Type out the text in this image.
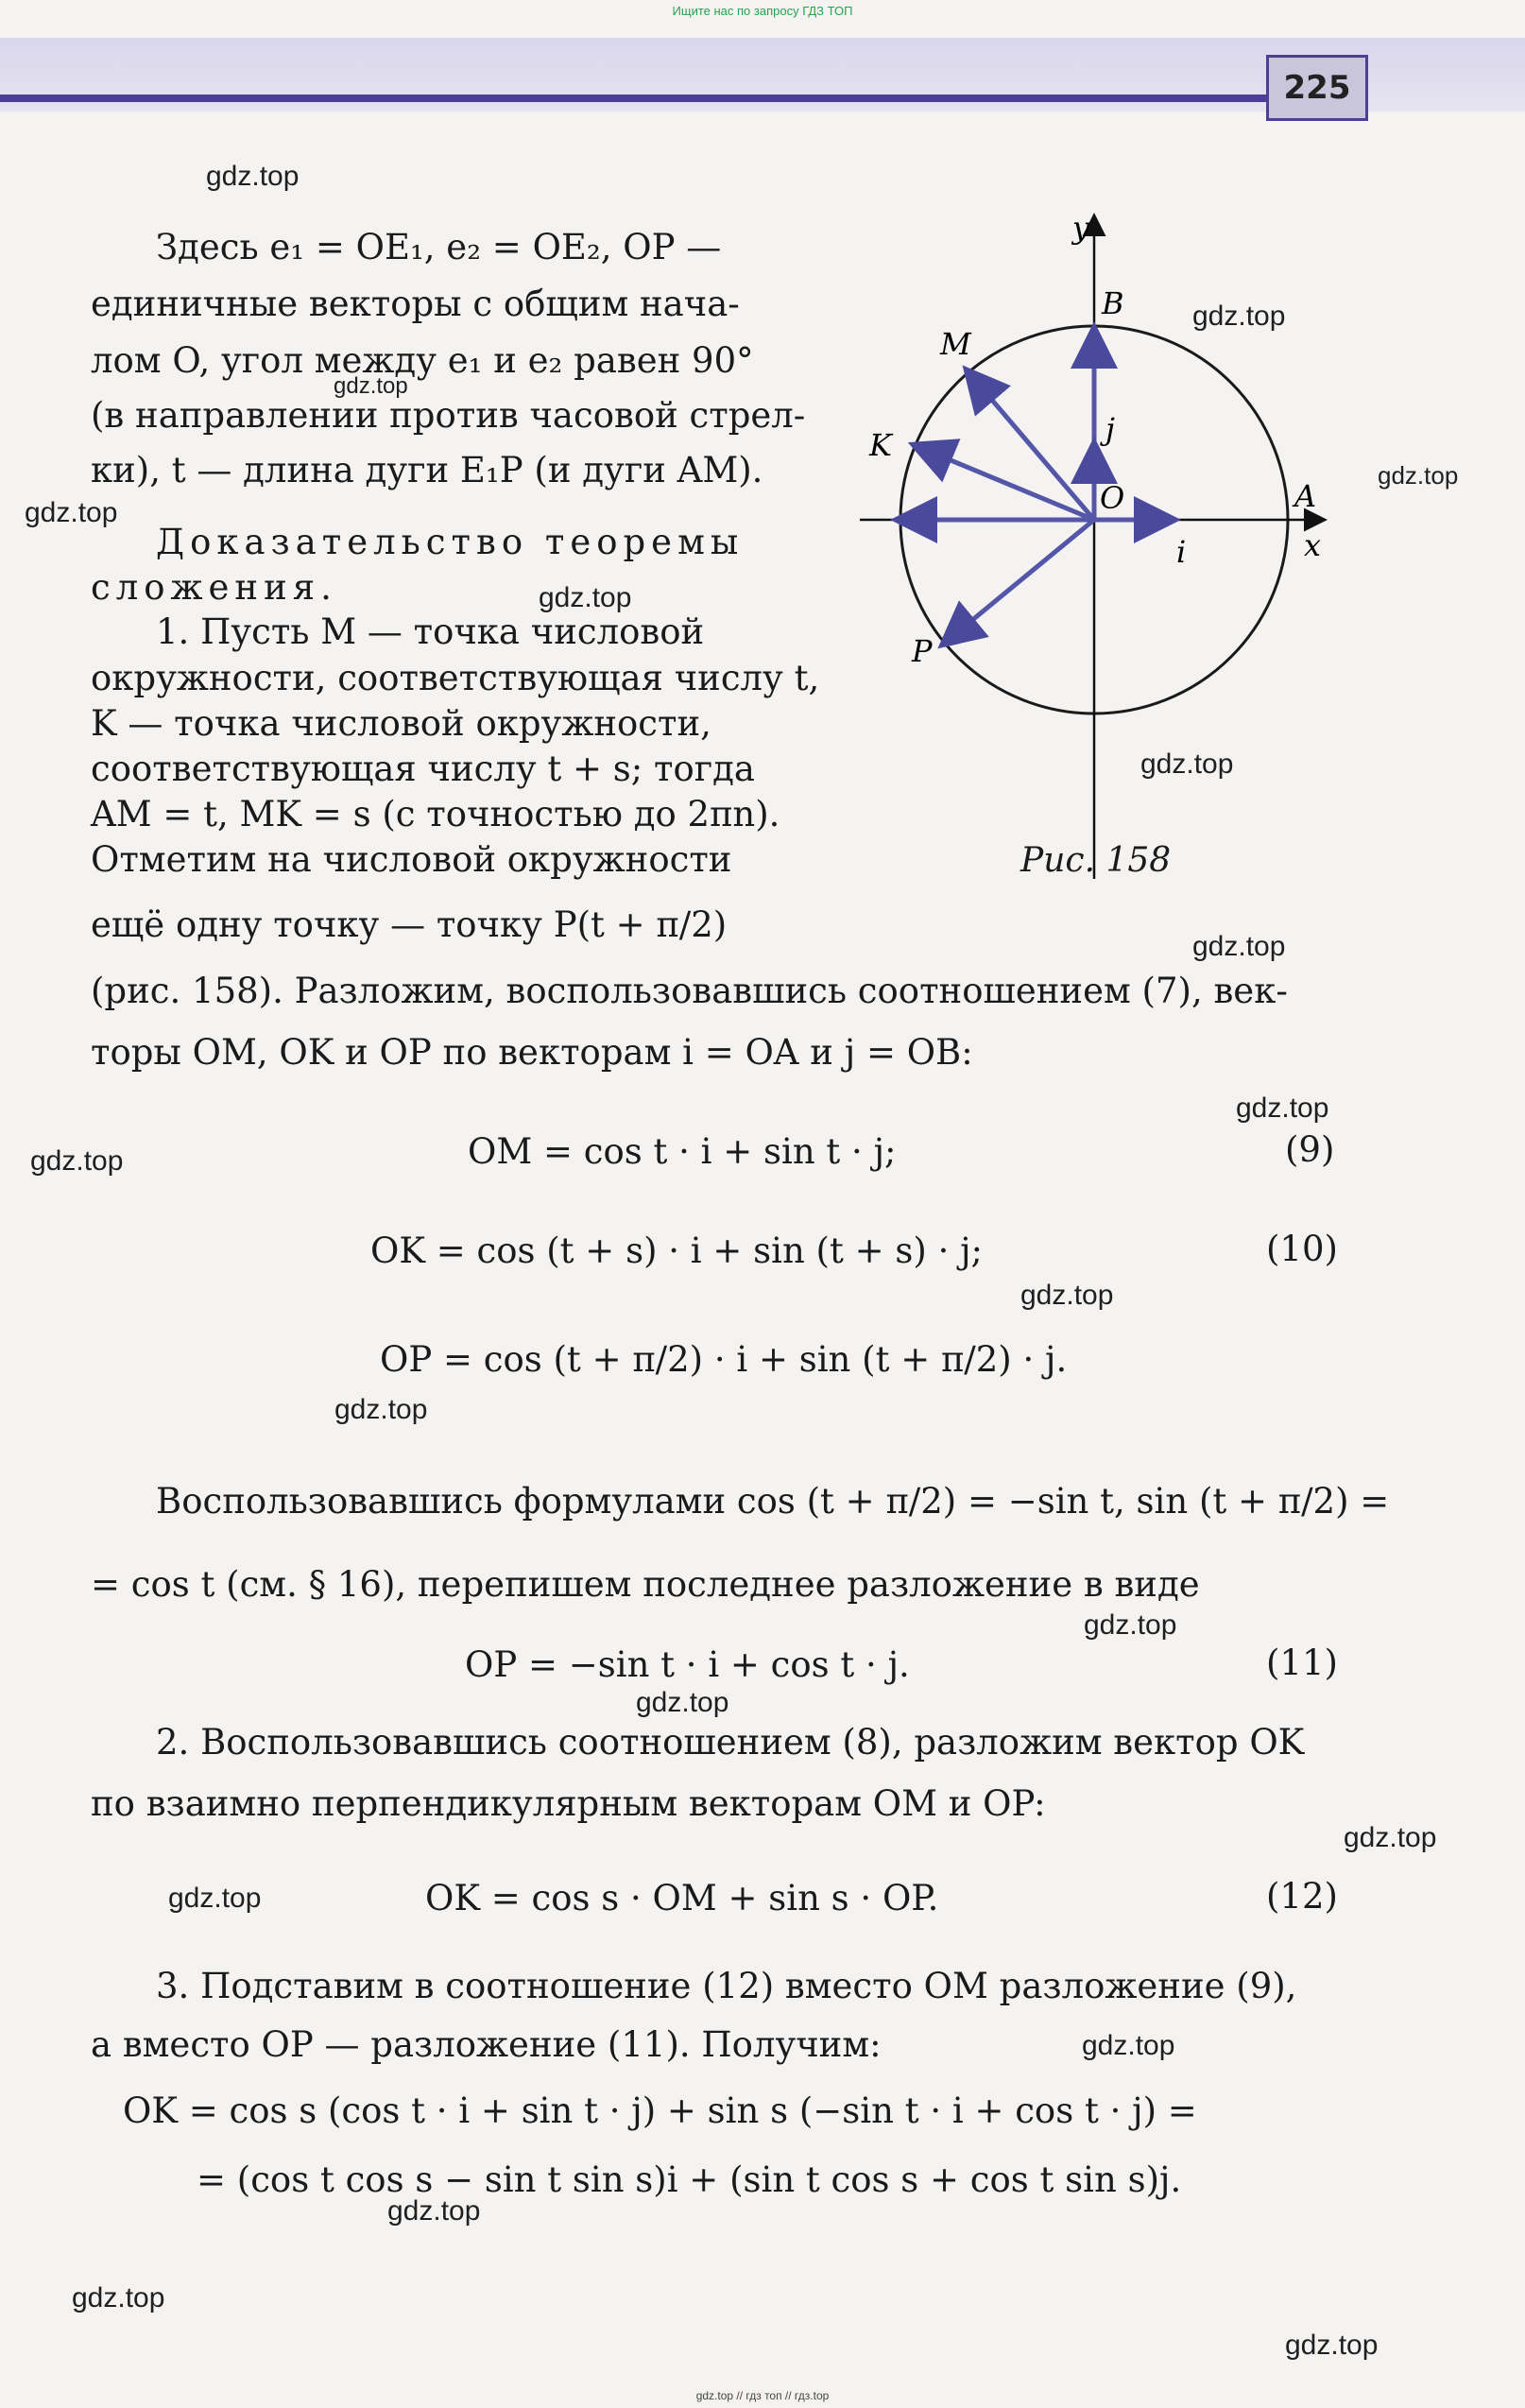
Ищите нас по запросу ГДЗ ТОП
225
gdz.top
gdz.top
gdz.top
gdz.top
gdz.top
gdz.top
gdz.top
gdz.top
gdz.top
gdz.top
gdz.top
gdz.top
gdz.top
gdz.top
gdz.top
gdz.top
gdz.top
gdz.top
gdz.top
gdz.top
Здесь e₁ = OE₁, e₂ = OE₂, OP —
единичные векторы с общим нача-
лом O, угол между e₁ и e₂ равен 90°
(в направлении против часовой стрел-
ки), t — длина дуги E₁P (и дуги AM).
Доказательство теоремы
сложения.
1. Пусть M — точка числовой
окружности, соответствующая числу t,
K — точка числовой окружности,
соответствующая числу t + s; тогда
AM = t, MK = s (с точностью до 2πn).
Отметим на числовой окружности
ещё одну точку — точку P(t + π/2)
(рис. 158). Разложим, воспользовавшись соотношением (7), век-
торы OM, OK и OP по векторам i = OA и j = OB:
OM = cos t · i + sin t · j;	(9)
OK = cos (t + s) · i + sin (t + s) · j;	(10)
OP = cos (t + π/2) · i + sin (t + π/2) · j.
Воспользовавшись формулами cos (t + π/2) = −sin t, sin (t + π/2) =
= cos t (см. § 16), перепишем последнее разложение в виде
OP = −sin t · i + cos t · j.	(11)
2. Воспользовавшись соотношением (8), разложим вектор OK
по взаимно перпендикулярным векторам OM и OP:
OK = cos s · OM + sin s · OP.	(12)
3. Подставим в соотношение (12) вместо OM разложение (9),
а вместо OP — разложение (11). Получим:
OK = cos s (cos t · i + sin t · j) + sin s (−sin t · i + cos t · j) =
= (cos t cos s − sin t sin s)i + (sin t cos s + cos t sin s)j.
y
x
B
M
K
O	A
P
i
j
Рис. 158
gdz.top // гдз топ // гдз.top
